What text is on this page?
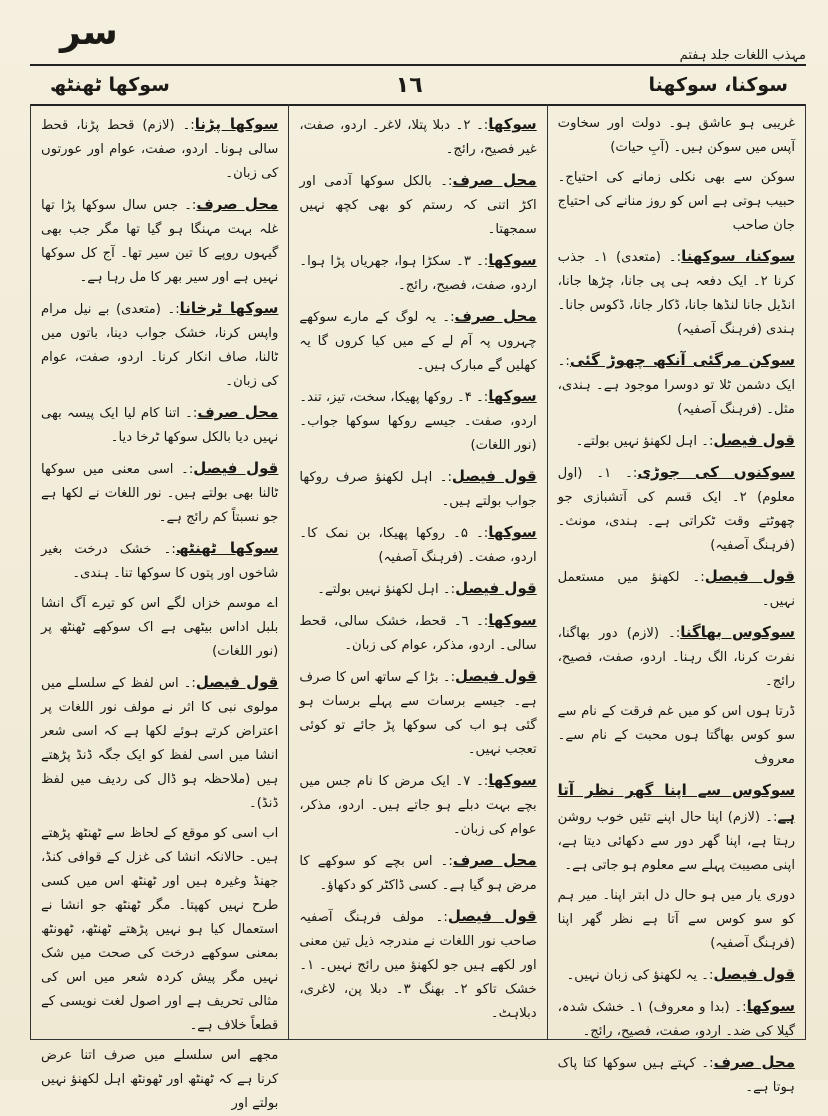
سر
مہذب اللغات جلد ہفتم
سوکھا ٹھنٹھ	١٦	سوکنا، سوکھنا

غریبی ہو عاشق ہو۔ دولت اور سخاوت آپس میں سوکن ہیں۔ (آبِ حیات)

سوکن سے بھی نکلی زمانے کی احتیاج۔ حبیب ہوتی ہے اس کو روز منانے کی احتیاج جان صاحب

سوکنا، سوکھنا:۔ (متعدی) ١۔ جذب کرنا ٢۔ ایک دفعہ ہی پی جانا، چڑھا جانا، انڈیل جانا لنڈھا جانا، ڈکار جانا، ڈکوس جانا۔ ہندی (فرہنگ آصفیہ)

سوکن مرگئی آنکھ چھوڑ گئی:۔ ایک دشمن ٹلا تو دوسرا موجود ہے۔ ہندی، مثل۔ (فرہنگ آصفیہ)

قول فیصل:۔ اہل لکھنؤ نہیں بولتے۔

سوکنوں کی جوڑی:۔ ١۔ (اول معلوم) ٢۔ ایک قسم کی آتشبازی جو چھوٹتے وقت ٹکراتی ہے۔ ہندی، مونث۔ (فرہنگ آصفیہ)

قول فیصل:۔ لکھنؤ میں مستعمل نہیں۔

سوکوس بھاگنا:۔ (لازم) دور بھاگنا، نفرت کرنا، الگ رہنا۔ اردو، صفت، فصیح، رائج۔

ڈرتا ہوں اس کو میں غم فرقت کے نام سے سو کوس بھاگتا ہوں محبت کے نام سے۔ معروف

سوکوس سے اپنا گھر نظر آتا ہے:۔ (لازم) اپنا حال اپنے تئیں خوب روشن رہتا ہے، اپنا گھر دور سے دکھائی دیتا ہے، اپنی مصیبت پہلے سے معلوم ہو جاتی ہے۔

دوری یار میں ہو حال دل ابتر اپنا۔ میر ہم کو سو کوس سے آتا ہے نظر گھر اپنا (فرہنگ آصفیہ)

قول فیصل:۔ یہ لکھنؤ کی زبان نہیں۔

سوکھا:۔ (بدا و معروف) ١۔ خشک شدہ، گیلا کی ضد۔ اردو، صفت، فصیح، رائج۔

محل صرف:۔ کہتے ہیں سوکھا کتا پاک ہوتا ہے۔

سوکھا:۔ ٢۔ دبلا پتلا، لاغر۔ اردو، صفت، غیر فصیح، رائج۔

محل صرف:۔ بالکل سوکھا آدمی اور اکڑ اتنی کہ رستم کو بھی کچھ نہیں سمجھتا۔

سوکھا:۔ ٣۔ سکڑا ہوا، جھریاں پڑا ہوا۔ اردو، صفت، فصیح، رائج۔

محل صرف:۔ یہ لوگ کے مارے سوکھے چہروں پہ آم لے کے میں کیا کروں گا یہ کھلیں گے مبارک ہیں۔

سوکھا:۔ ۴۔ روکھا پھیکا، سخت، تیز، تند۔ اردو، صفت۔ جیسے روکھا سوکھا جواب۔ (نور اللغات)

قول فیصل:۔ اہل لکھنؤ صرف روکھا جواب بولتے ہیں۔

سوکھا:۔ ۵۔ روکھا پھیکا، بن نمک کا۔ اردو، صفت۔ (فرہنگ آصفیہ)

قول فیصل:۔ اہل لکھنؤ نہیں بولتے۔

سوکھا:۔ ٦۔ قحط، خشک سالی، قحط سالی۔ اردو، مذکر، عوام کی زبان۔

قول فیصل:۔ بڑا کے ساتھ اس کا صرف ہے۔ جیسے برسات سے پہلے برسات ہو گئی ہو اب کی سوکھا پڑ جائے تو کوئی تعجب نہیں۔

سوکھا:۔ ٧۔ ایک مرض کا نام جس میں بچے بہت دبلے ہو جاتے ہیں۔ اردو، مذکر، عوام کی زبان۔

محل صرف:۔ اس بچے کو سوکھے کا مرض ہو گیا ہے۔ کسی ڈاکٹر کو دکھاؤ۔

قول فیصل:۔ مولف فرہنگ آصفیہ صاحب نور اللغات نے مندرجہ ذیل تین معنی اور لکھے ہیں جو لکھنؤ میں رائج نہیں۔ ١۔ خشک تاکو ٢۔ بھنگ ٣۔ دبلا پن، لاغری، دبلاہٹ۔

سوکھا پڑنا:۔ (لازم) قحط پڑنا، قحط سالی ہونا۔ اردو، صفت، عوام اور عورتوں کی زبان۔

محل صرف:۔ جس سال سوکھا پڑا تھا غلہ بہت مہنگا ہو گیا تھا مگر جب بھی گیہوں روپے کا تین سیر تھا۔ آج کل سوکھا نہیں ہے اور سیر بھر کا مل رہا ہے۔

سوکھا ٹرخانا:۔ (متعدی) بے نیل مرام واپس کرنا، خشک جواب دینا، باتوں میں ٹالنا، صاف انکار کرنا۔ اردو، صفت، عوام کی زبان۔

محل صرف:۔ اتنا کام لیا ایک پیسہ بھی نہیں دیا بالکل سوکھا ٹرخا دیا۔

قول فیصل:۔ اسی معنی میں سوکھا ٹالنا بھی بولتے ہیں۔ نور اللغات نے لکھا ہے جو نسبتاً کم رائج ہے۔

سوکھا ٹھنٹھ:۔ خشک درخت بغیر شاخوں اور پتوں کا سوکھا تنا۔ ہندی۔

اے موسم خزاں لگے اس کو تیرے آگ انشا بلبل اداس بیٹھی ہے اک سوکھے ٹھنٹھ پر (نور اللغات)

قول فیصل:۔ اس لفظ کے سلسلے میں مولوی نبی کا اثر نے مولف نور اللغات پر اعتراض کرتے ہوئے لکھا ہے کہ اسی شعر انشا میں اسی لفظ کو ایک جگہ ڈنڈ پڑھتے ہیں (ملاحظہ ہو ڈال کی ردیف میں لفظ ڈنڈ)۔

اب اسی کو موقع کے لحاظ سے ٹھنٹھ پڑھتے ہیں۔ حالانکہ انشا کی غزل کے قوافی کنڈ، جھنڈ وغیرہ ہیں اور ٹھنٹھ اس میں کسی طرح نہیں کھپتا۔ مگر ٹھنٹھ جو انشا نے استعمال کیا ہو نہیں پڑھتے ٹھنٹھ، ٹھونٹھ بمعنی سوکھے درخت کی صحت میں شک نہیں مگر پیش کردہ شعر میں اس کی مثالی تحریف ہے اور اصول لغت نویسی کے قطعاً خلاف ہے۔

مجھے اس سلسلے میں صرف اتنا عرض کرنا ہے کہ ٹھنٹھ اور ٹھونٹھ اہل لکھنؤ نہیں بولتے اور
